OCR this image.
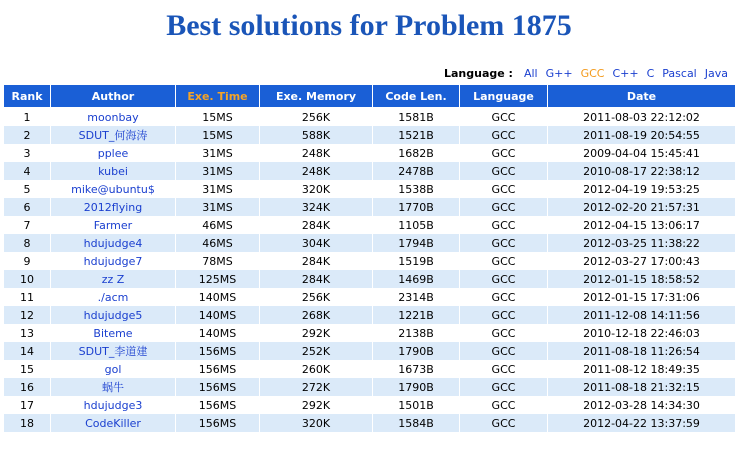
Best solutions for Problem 1875
Language : All G++ GCC C++ C Pascal Java
Rank	Author	Exe. Time	Exe. Memory	Code Len.	Language	Date
1	moonbay	15MS	256K	1581B	GCC	2011-08-03 22:12:02
2	SDUT_何海涛	15MS	588K	1521B	GCC	2011-08-19 20:54:55
3	pplee	31MS	248K	1682B	GCC	2009-04-04 15:45:41
4	kubei	31MS	248K	2478B	GCC	2010-08-17 22:38:12
5	mike@ubuntu$	31MS	320K	1538B	GCC	2012-04-19 19:53:25
6	2012flying	31MS	324K	1770B	GCC	2012-02-20 21:57:31
7	Farmer	46MS	284K	1105B	GCC	2012-04-15 13:06:17
8	hdujudge4	46MS	304K	1794B	GCC	2012-03-25 11:38:22
9	hdujudge7	78MS	284K	1519B	GCC	2012-03-27 17:00:43
10	zz Z	125MS	284K	1469B	GCC	2012-01-15 18:58:52
11	./acm	140MS	256K	2314B	GCC	2012-01-15 17:31:06
12	hdujudge5	140MS	268K	1221B	GCC	2011-12-08 14:11:56
13	Biteme	140MS	292K	2138B	GCC	2010-12-18 22:46:03
14	SDUT_李道建	156MS	252K	1790B	GCC	2011-08-18 11:26:54
15	gol	156MS	260K	1673B	GCC	2011-08-12 18:49:35
16	蜗牛	156MS	272K	1790B	GCC	2011-08-18 21:32:15
17	hdujudge3	156MS	292K	1501B	GCC	2012-03-28 14:34:30
18	CodeKiller	156MS	320K	1584B	GCC	2012-04-22 13:37:59
